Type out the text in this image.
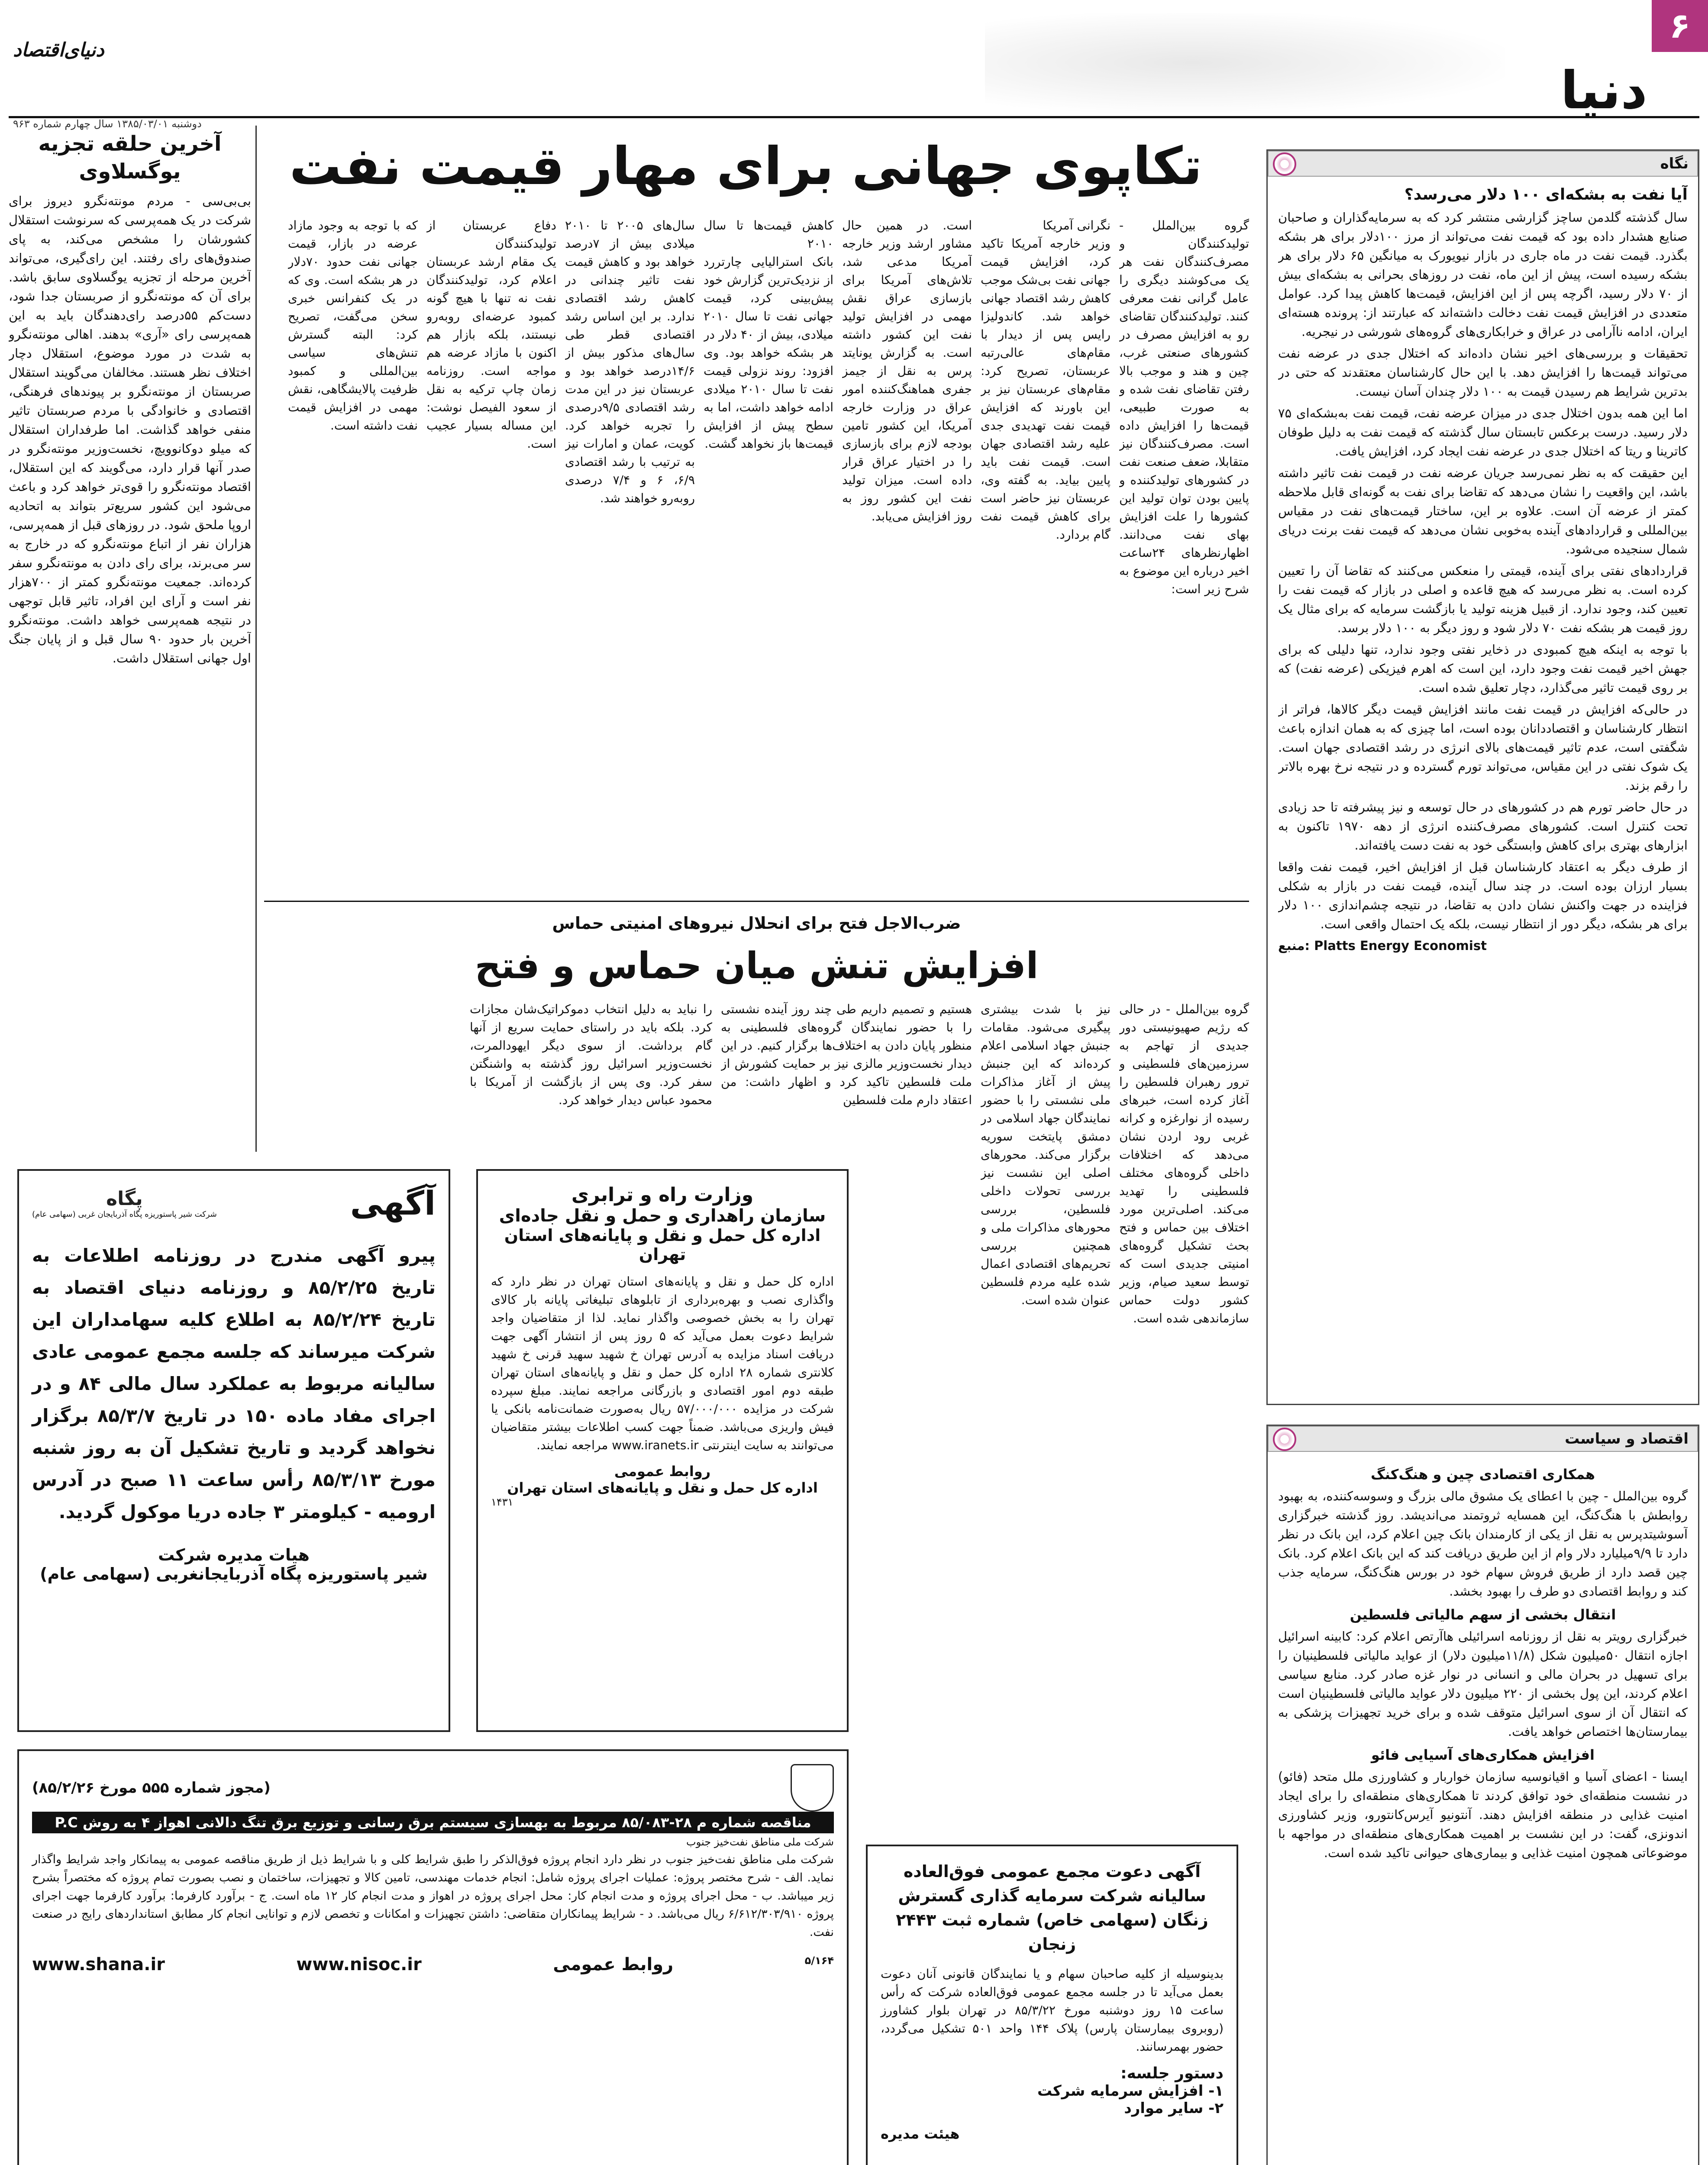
۶
دنیا
دنیای‌اقتصاد
دوشنبه ۱۳۸۵/۰۳/۰۱ سال چهارم شماره ۹۶۳
نگاه
آیا نفت به بشکه‌ای ۱۰۰ دلار می‌رسد؟

سال گذشته گلدمن ساچز گزارشی منتشر کرد که به سرمایه‌گذاران و صاحبان صنایع هشدار داده بود که قیمت نفت می‌تواند از مرز ۱۰۰دلار برای هر بشکه بگذرد. قیمت نفت در ماه جاری در بازار نیویورک به میانگین ۶۵ دلار برای هر بشکه رسیده است، پیش از این ماه، نفت در روزهای بحرانی به بشکه‌ای بیش از ۷۰ دلار رسید، اگرچه پس از این افزایش، قیمت‌ها کاهش پیدا کرد. عوامل متعددی در افزایش قیمت نفت دخالت داشته‌اند که عبارتند از: پرونده هسته‌ای ایران، ادامه ناآرامی در عراق و خرابکاری‌های گروه‌های شورشی در نیجریه.

تحقیقات و بررسی‌های اخیر نشان داده‌اند که اختلال جدی در عرضه نفت می‌تواند قیمت‌ها را افزایش دهد. با این حال کارشناسان معتقدند که حتی در بدترین شرایط هم رسیدن قیمت به ۱۰۰ دلار چندان آسان نیست.

اما این همه بدون اختلال جدی در میزان عرضه نفت، قیمت نفت به‌بشکه‌ای ۷۵ دلار رسید. درست برعکس تابستان سال گذشته که قیمت نفت به دلیل طوفان کاترینا و ریتا که اختلال جدی در عرضه نفت ایجاد کرد، افزایش یافت.

این حقیقت که به نظر نمی‌رسد جریان عرضه نفت در قیمت نفت تاثیر داشته باشد، این واقعیت را نشان می‌دهد که تقاضا برای نفت به گونه‌ای قابل ملاحظه کمتر از عرضه آن است. علاوه بر این، ساختار قیمت‌های نفت در مقیاس بین‌المللی و قراردادهای آینده به‌خوبی نشان می‌دهد که قیمت نفت برنت دریای شمال سنجیده می‌شود.

قراردادهای نفتی برای آینده، قیمتی را منعکس می‌کنند که تقاضا آن را تعیین کرده است. به نظر می‌رسد که هیچ قاعده و اصلی در بازار که قیمت نفت را تعیین کند، وجود ندارد. از قبیل هزینه تولید یا بازگشت سرمایه که برای مثال یک روز قیمت هر بشکه نفت ۷۰ دلار شود و روز دیگر به ۱۰۰ دلار برسد.

با توجه به اینکه هیچ کمبودی در ذخایر نفتی وجود ندارد، تنها دلیلی که برای جهش اخیر قیمت نفت وجود دارد، این است که اهرم فیزیکی (عرضه نفت) که بر روی قیمت تاثیر می‌گذارد، دچار تعلیق شده است.

در حالی‌که افزایش در قیمت نفت مانند افزایش قیمت دیگر کالاها، فراتر از انتظار کارشناسان و اقتصاددانان بوده است، اما چیزی که به همان اندازه باعث شگفتی است، عدم تاثیر قیمت‌های بالای انرژی در رشد اقتصادی جهان است. یک شوک نفتی در این مقیاس، می‌تواند تورم گسترده و در نتیجه نرخ بهره بالاتر را رقم بزند.

در حال حاضر تورم هم در کشورهای در حال توسعه و نیز پیشرفته تا حد زیادی تحت کنترل است. کشورهای مصرف‌کننده انرژی از دهه ۱۹۷۰ تاکنون به ابزارهای بهتری برای کاهش وابستگی خود به نفت دست یافته‌اند.

از طرف دیگر به اعتقاد کارشناسان قبل از افزایش اخیر، قیمت نفت واقعا بسیار ارزان بوده است. در چند سال آینده، قیمت نفت در بازار به شکلی فزاینده در جهت واکنش نشان دادن به تقاضا، در نتیجه چشم‌اندازی ۱۰۰ دلار برای هر بشکه، دیگر دور از انتظار نیست، بلکه یک احتمال واقعی است.

منبع: Platts Energy Economist
اقتصاد و سیاست
همکاری اقتصادی چین و هنگ‌کنگ

گروه بین‌الملل - چین با اعطای یک مشوق مالی بزرگ و وسوسه‌کننده، به بهبود روابطش با هنگ‌کنگ، این همسایه ثروتمند می‌اندیشد. روز گذشته خبرگزاری آسوشیتدپرس به نقل از یکی از کارمندان بانک چین اعلام کرد، این بانک در نظر دارد تا ۹/۹میلیارد دلار وام از این طریق دریافت کند که این بانک اعلام کرد. بانک چین قصد دارد از طریق فروش سهام خود در بورس هنگ‌کنگ، سرمایه جذب کند و روابط اقتصادی دو طرف را بهبود بخشد.

انتقال بخشی از سهم مالیاتی فلسطین

خبرگزاری رویتر به نقل از روزنامه اسرائیلی هاآرتص اعلام کرد: کابینه اسرائیل اجازه انتقال ۵۰میلیون شکل (۱۱/۸میلیون دلار) از عواید مالیاتی فلسطینیان را برای تسهیل در بحران مالی و انسانی در نوار غزه صادر کرد. منابع سیاسی اعلام کردند، این پول بخشی از ۲۲۰ میلیون دلار عواید مالیاتی فلسطینیان است که انتقال آن از سوی اسرائیل متوقف شده و برای خرید تجهیزات پزشکی به بیمارستان‌ها اختصاص خواهد یافت.

افزایش همکاری‌های آسیایی فائو

ایسنا - اعضای آسیا و اقیانوسیه سازمان خواربار و کشاورزی ملل متحد (فائو) در نشست منطقه‌ای خود توافق کردند تا همکاری‌های منطقه‌ای را برای ایجاد امنیت غذایی در منطقه افزایش دهند. آنتونیو آیرس‌کانتورو، وزیر کشاورزی اندونزی، گفت: در این نشست بر اهمیت همکاری‌های منطقه‌ای در مواجهه با موضوعاتی همچون امنیت غذایی و بیماری‌های حیوانی تاکید شده است.

تکاپوی جهانی برای مهار قیمت نفت
گروه بین‌الملل - تولیدکنندگان و مصرف‌کنندگان نفت هر یک می‌کوشند دیگری را عامل گرانی نفت معرفی کنند. تولیدکنندگان تقاضای رو به افزایش مصرف در کشورهای صنعتی غرب، چین و هند و موجب بالا رفتن تقاضای نفت شده و به صورت طبیعی، قیمت‌ها را افزایش داده است. مصرف‌کنندگان نیز متقابلا، ضعف صنعت نفت در کشورهای تولیدکننده و پایین بودن توان تولید این کشورها را علت افزایش بهای نفت می‌دانند. اظهارنظرهای ۲۴ساعت اخیر درباره این موضوع به شرح زیر است:
نگرانی آمریکا
وزیر خارجه آمریکا تاکید کرد، افزایش قیمت جهانی نفت بی‌شک موجب کاهش رشد اقتصاد جهانی خواهد شد. کاندولیزا رایس پس از دیدار با مقام‌های عالی‌رتبه عربستان، تصریح کرد: مقام‌های عربستان نیز بر این باورند که افزایش قیمت نفت تهدیدی جدی علیه رشد اقتصادی جهان است. قیمت نفت باید پایین بیاید. به گفته وی، عربستان نیز حاضر است برای کاهش قیمت نفت گام بردارد.
است. در همین حال مشاور ارشد وزیر خارجه آمریکا مدعی شد، تلاش‌های آمریکا برای بازسازی عراق نقش مهمی در افزایش تولید نفت این کشور داشته است. به گزارش یونایتد پرس به نقل از جیمز جفری هماهنگ‌کننده امور عراق در وزارت خارجه آمریکا، این کشور تامین بودجه لازم برای بازسازی را در اختیار عراق قرار داده است. میزان تولید نفت این کشور روز به روز افزایش می‌یابد.
کاهش قیمت‌ها تا سال ۲۰۱۰
بانک استرالیایی چارتررد از نزدیک‌ترین گزارش خود پیش‌بینی کرد، قیمت جهانی نفت تا سال ۲۰۱۰ میلادی، بیش از ۴۰ دلار در هر بشکه خواهد بود. وی افزود: روند نزولی قیمت نفت تا سال ۲۰۱۰ میلادی ادامه خواهد داشت، اما به سطح پیش از افزایش قیمت‌ها باز نخواهد گشت.
سال‌های ۲۰۰۵ تا ۲۰۱۰ میلادی بیش از ۷درصد خواهد بود و کاهش قیمت نفت تاثیر چندانی در کاهش رشد اقتصادی ندارد. بر این اساس رشد اقتصادی قطر طی سال‌های مذکور بیش از ۱۴/۶درصد خواهد بود و عربستان نیز در این مدت رشد اقتصادی ۹/۵درصدی را تجربه خواهد کرد. کویت، عمان و امارات نیز به ترتیب با رشد اقتصادی ۶/۹، ۶ و ۷/۴ درصدی روبه‌رو خواهند شد.
دفاع عربستان از تولیدکنندگان
یک مقام ارشد عربستان اعلام کرد، تولیدکنندگان نفت نه تنها با هیچ گونه کمبود عرضه‌ای روبه‌رو نیستند، بلکه بازار هم اکنون با مازاد عرضه هم مواجه است. روزنامه زمان چاپ ترکیه به نقل از سعود الفیصل نوشت: این مساله بسیار عجیب است.
که با توجه به وجود مازاد عرضه در بازار، قیمت جهانی نفت حدود ۷۰دلار در هر بشکه است. وی که در یک کنفرانس خبری سخن می‌گفت، تصریح کرد: البته گسترش تنش‌های سیاسی بین‌المللی و کمبود ظرفیت پالایشگاهی، نقش مهمی در افزایش قیمت نفت داشته است.
آخرین حلقه تجزیه یوگسلاوی
بی‌بی‌سی - مردم مونته‌نگرو دیروز برای شرکت در یک همه‌پرسی که سرنوشت استقلال کشورشان را مشخص می‌کند، به پای صندوق‌های رای رفتند. این رای‌گیری، می‌تواند آخرین مرحله از تجزیه یوگسلاوی سابق باشد. برای آن که مونته‌نگرو از صربستان جدا شود، دست‌کم ۵۵درصد رای‌دهندگان باید به این همه‌پرسی رای «آری» بدهند. اهالی مونته‌نگرو به شدت در مورد موضوع، استقلال دچار اختلاف نظر هستند. مخالفان می‌گویند استقلال صربستان از مونته‌نگرو بر پیوندهای فرهنگی، اقتصادی و خانوادگی با مردم صربستان تاثیر منفی خواهد گذاشت. اما طرفداران استقلال که میلو دوکانوویچ، نخست‌وزیر مونته‌نگرو در صدر آنها قرار دارد، می‌گویند که این استقلال، اقتصاد مونته‌نگرو را قوی‌تر خواهد کرد و باعث می‌شود این کشور سریع‌تر بتواند به اتحادیه اروپا ملحق شود. در روزهای قبل از همه‌پرسی، هزاران نفر از اتباع مونته‌نگرو که در خارج به سر می‌برند، برای رای دادن به مونته‌نگرو سفر کرده‌اند. جمعیت مونته‌نگرو کمتر از ۷۰۰هزار نفر است و آرای این افراد، تاثیر قابل توجهی در نتیجه همه‌پرسی خواهد داشت. مونته‌نگرو آخرین بار حدود ۹۰ سال قبل و از پایان جنگ اول جهانی استقلال داشت.
ضرب‌الاجل فتح برای انحلال نیروهای امنیتی حماس
افزایش تنش میان حماس و فتح
گروه بین‌الملل - در حالی که رژیم صهیونیستی دور جدیدی از تهاجم به سرزمین‌های فلسطینی و ترور رهبران فلسطین را آغاز کرده است، خبرهای رسیده از نوارغزه و کرانه غربی رود اردن نشان می‌دهد که اختلافات داخلی گروه‌های مختلف فلسطینی را تهدید می‌کند. اصلی‌ترین مورد اختلاف بین حماس و فتح بحث تشکیل گروه‌های امنیتی جدیدی است که توسط سعید صیام، وزیر کشور دولت حماس سازماندهی شده است.
نیز با شدت بیشتری پیگیری می‌شود. مقامات جنبش جهاد اسلامی اعلام کرده‌اند که این جنبش پیش از آغاز مذاکرات ملی نشستی را با حضور نمایندگان جهاد اسلامی در دمشق پایتخت سوریه برگزار می‌کند. محورهای اصلی این نشست نیز بررسی تحولات داخلی فلسطین، بررسی محورهای مذاکرات ملی و همچنین بررسی تحریم‌های اقتصادی اعمال شده علیه مردم فلسطین عنوان شده است.
هستیم و تصمیم داریم طی چند روز آینده نشستی را با حضور نمایندگان گروه‌های فلسطینی به منظور پایان دادن به اختلاف‌ها برگزار کنیم. در این دیدار نخست‌وزیر مالزی نیز بر حمایت کشورش از ملت فلسطین تاکید کرد و اظهار داشت: من اعتقاد دارم ملت فلسطین
را نباید به دلیل انتخاب دموکراتیک‌شان مجازات کرد. بلکه باید در راستای حمایت سریع از آنها گام برداشت. از سوی دیگر ایهود‌المرت، نخست‌وزیر اسرائیل روز گذشته به واشنگتن سفر کرد. وی پس از بازگشت از آمریکا با محمود عباس دیدار خواهد کرد.
آگهی
پگاه
شرکت شیر پاستوریزه پگاه آذربایجان غربی (سهامی عام)
پیرو آگهی مندرج در روزنامه اطلاعات به تاریخ ۸۵/۲/۲۵ و روزنامه دنیای اقتصاد به تاریخ ۸۵/۲/۲۴ به اطلاع کلیه سهامداران این شرکت میرساند که جلسه مجمع عمومی عادی سالیانه مربوط به عملکرد سال مالی ۸۴ و در اجرای مفاد ماده ۱۵۰ در تاریخ ۸۵/۳/۷ برگزار نخواهد گردید و تاریخ تشکیل آن به روز شنبه مورخ ۸۵/۳/۱۳ رأس ساعت ۱۱ صبح در آدرس ارومیه - کیلومتر ۳ جاده دریا موکول گردید.
هیات مدیره شرکت
شیر پاستوریزه پگاه آذربایجانغربی (سهامی عام)
وزارت راه و ترابری
سازمان راهداری و حمل و نقل جاده‌ای
اداره کل حمل و نقل و پایانه‌های استان تهران
اداره کل حمل و نقل و پایانه‌های استان تهران در نظر دارد که واگذاری نصب و بهره‌برداری از تابلوهای تبلیغاتی پایانه بار کالای تهران را به بخش خصوصی واگذار نماید. لذا از متقاضیان واجد شرایط دعوت بعمل می‌آید که ۵ روز پس از انتشار آگهی جهت دریافت اسناد مزایده به آدرس تهران خ شهید سهید قرنی خ شهید کلانتری شماره ۲۸ اداره کل حمل و نقل و پایانه‌های استان تهران طبقه دوم امور اقتصادی و بازرگانی مراجعه نمایند. مبلغ سپرده شرکت در مزایده ۵۷/۰۰۰/۰۰۰ ریال به‌صورت ضمانت‌نامه بانکی یا فیش واریزی می‌باشد. ضمناً جهت کسب اطلاعات بیشتر متقاضیان می‌توانند به سایت اینترنتی www.iranets.ir مراجعه نمایند.
روابط عمومی
اداره کل حمل و نقل و پایانه‌های استان تهران
۱۴۳۱
(مجوز شماره ۵۵۵ مورخ ۸۵/۲/۲۶)
مناقصه شماره م ۲۸-۸۵/۰۸۳ مربوط به بهسازی سیستم برق رسانی و توزیع برق تنگ دالانی اهواز ۴ به روش P.C
شرکت ملی مناطق نفت‌خیز جنوب
شرکت ملی مناطق نفت‌خیز جنوب در نظر دارد انجام پروژه فوق‌الذکر را طبق شرایط کلی و با شرایط ذیل از طریق مناقصه عمومی به پیمانکار واجد شرایط واگذار نماید. الف - شرح مختصر پروژه: عملیات اجرای پروژه شامل: انجام خدمات مهندسی، تامین کالا و تجهیزات، ساختمان و نصب بصورت تمام پروژه که مختصراً بشرح زیر میباشد. ب - محل اجرای پروژه و مدت انجام کار: محل اجرای پروژه در اهواز و مدت انجام کار ۱۲ ماه است. ج - برآورد کارفرما: برآورد کارفرما جهت اجرای پروژه ۶/۶۱۲/۳۰۳/۹۱۰ ریال می‌باشد. د - شرایط پیمانکاران متقاضی: داشتن تجهیزات و امکانات و تخصص لازم و توانایی انجام کار مطابق استانداردهای رایج در صنعت نفت.
www.shana.ir	www.nisoc.ir	روابط عمومی	۵/۱۶۴
آگهی دعوت مجمع عمومی فوق‌العاده سالیانه شرکت سرمایه گذاری گسترش زنگان (سهامی خاص) شماره ثبت ۲۴۴۳ زنجان
بدینوسیله از کلیه صاحبان سهام و یا نمایندگان قانونی آنان دعوت بعمل می‌آید تا در جلسه مجمع عمومی فوق‌العاده شرکت که رأس ساعت ۱۵ روز دوشنبه مورخ ۸۵/۳/۲۲ در تهران بلوار کشاورز (روبروی بیمارستان پارس) پلاک ۱۴۴ واحد ۵۰۱ تشکیل می‌گردد، حضور بهمرسانند.
دستور جلسه:
۱- افزایش سرمایه شرکت
۲- سایر موارد
هیئت مدیره
